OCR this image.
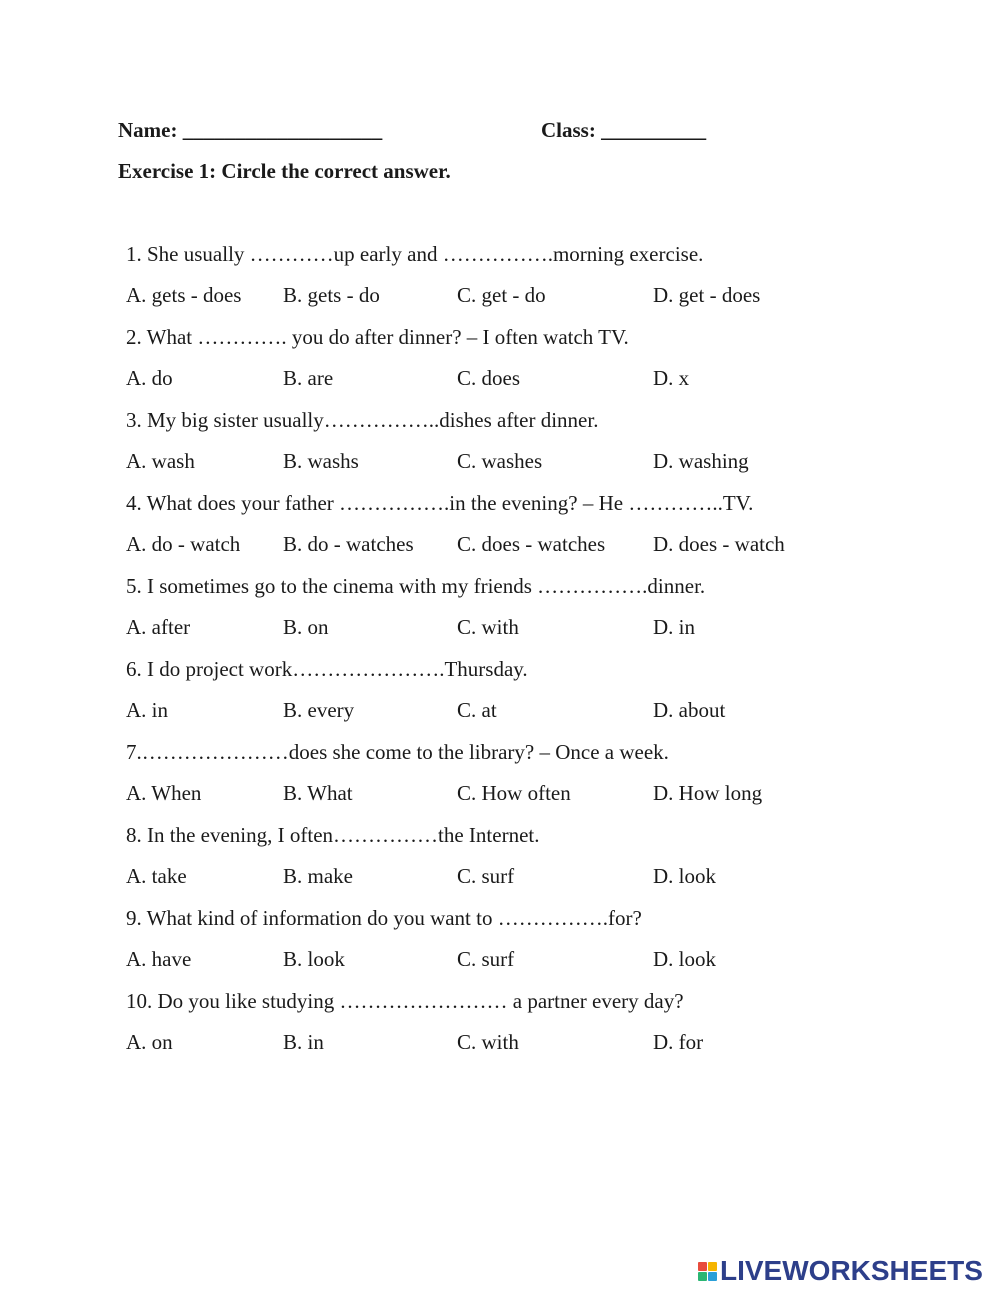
Name: ___________________	Class: __________
Exercise 1: Circle the correct answer.
1. She usually …………up early and …………….morning exercise.
A. gets - does B. gets - do	C. get - do	D. get - does
2. What …………. you do after dinner? – I often watch TV.
A. do	B. are	C. does	D. x
3. My big sister usually……………..dishes after dinner.
A. wash	B. washs	C. washes	D. washing
4. What does your father …………….in the evening? – He …………..TV.
A. do - watch B. do - watches C. does - watches D. does - watch
5. I sometimes go to the cinema with my friends …………….dinner.
A. after	B. on	C. with	D. in
6. I do project work………………….Thursday.
A. in	B. every	C. at	D. about
7.…………………does she come to the library? – Once a week.
A. When	B. What	C. How often	D. How long
8. In the evening, I often……………the Internet.
A. take	B. make	C. surf	D. look
9. What kind of information do you want to …………….for?
A. have	B. look	C. surf	D. look
10. Do you like studying …………………… a partner every day?
A. on	B. in	C. with	D. for
LIVEWORKSHEETS
